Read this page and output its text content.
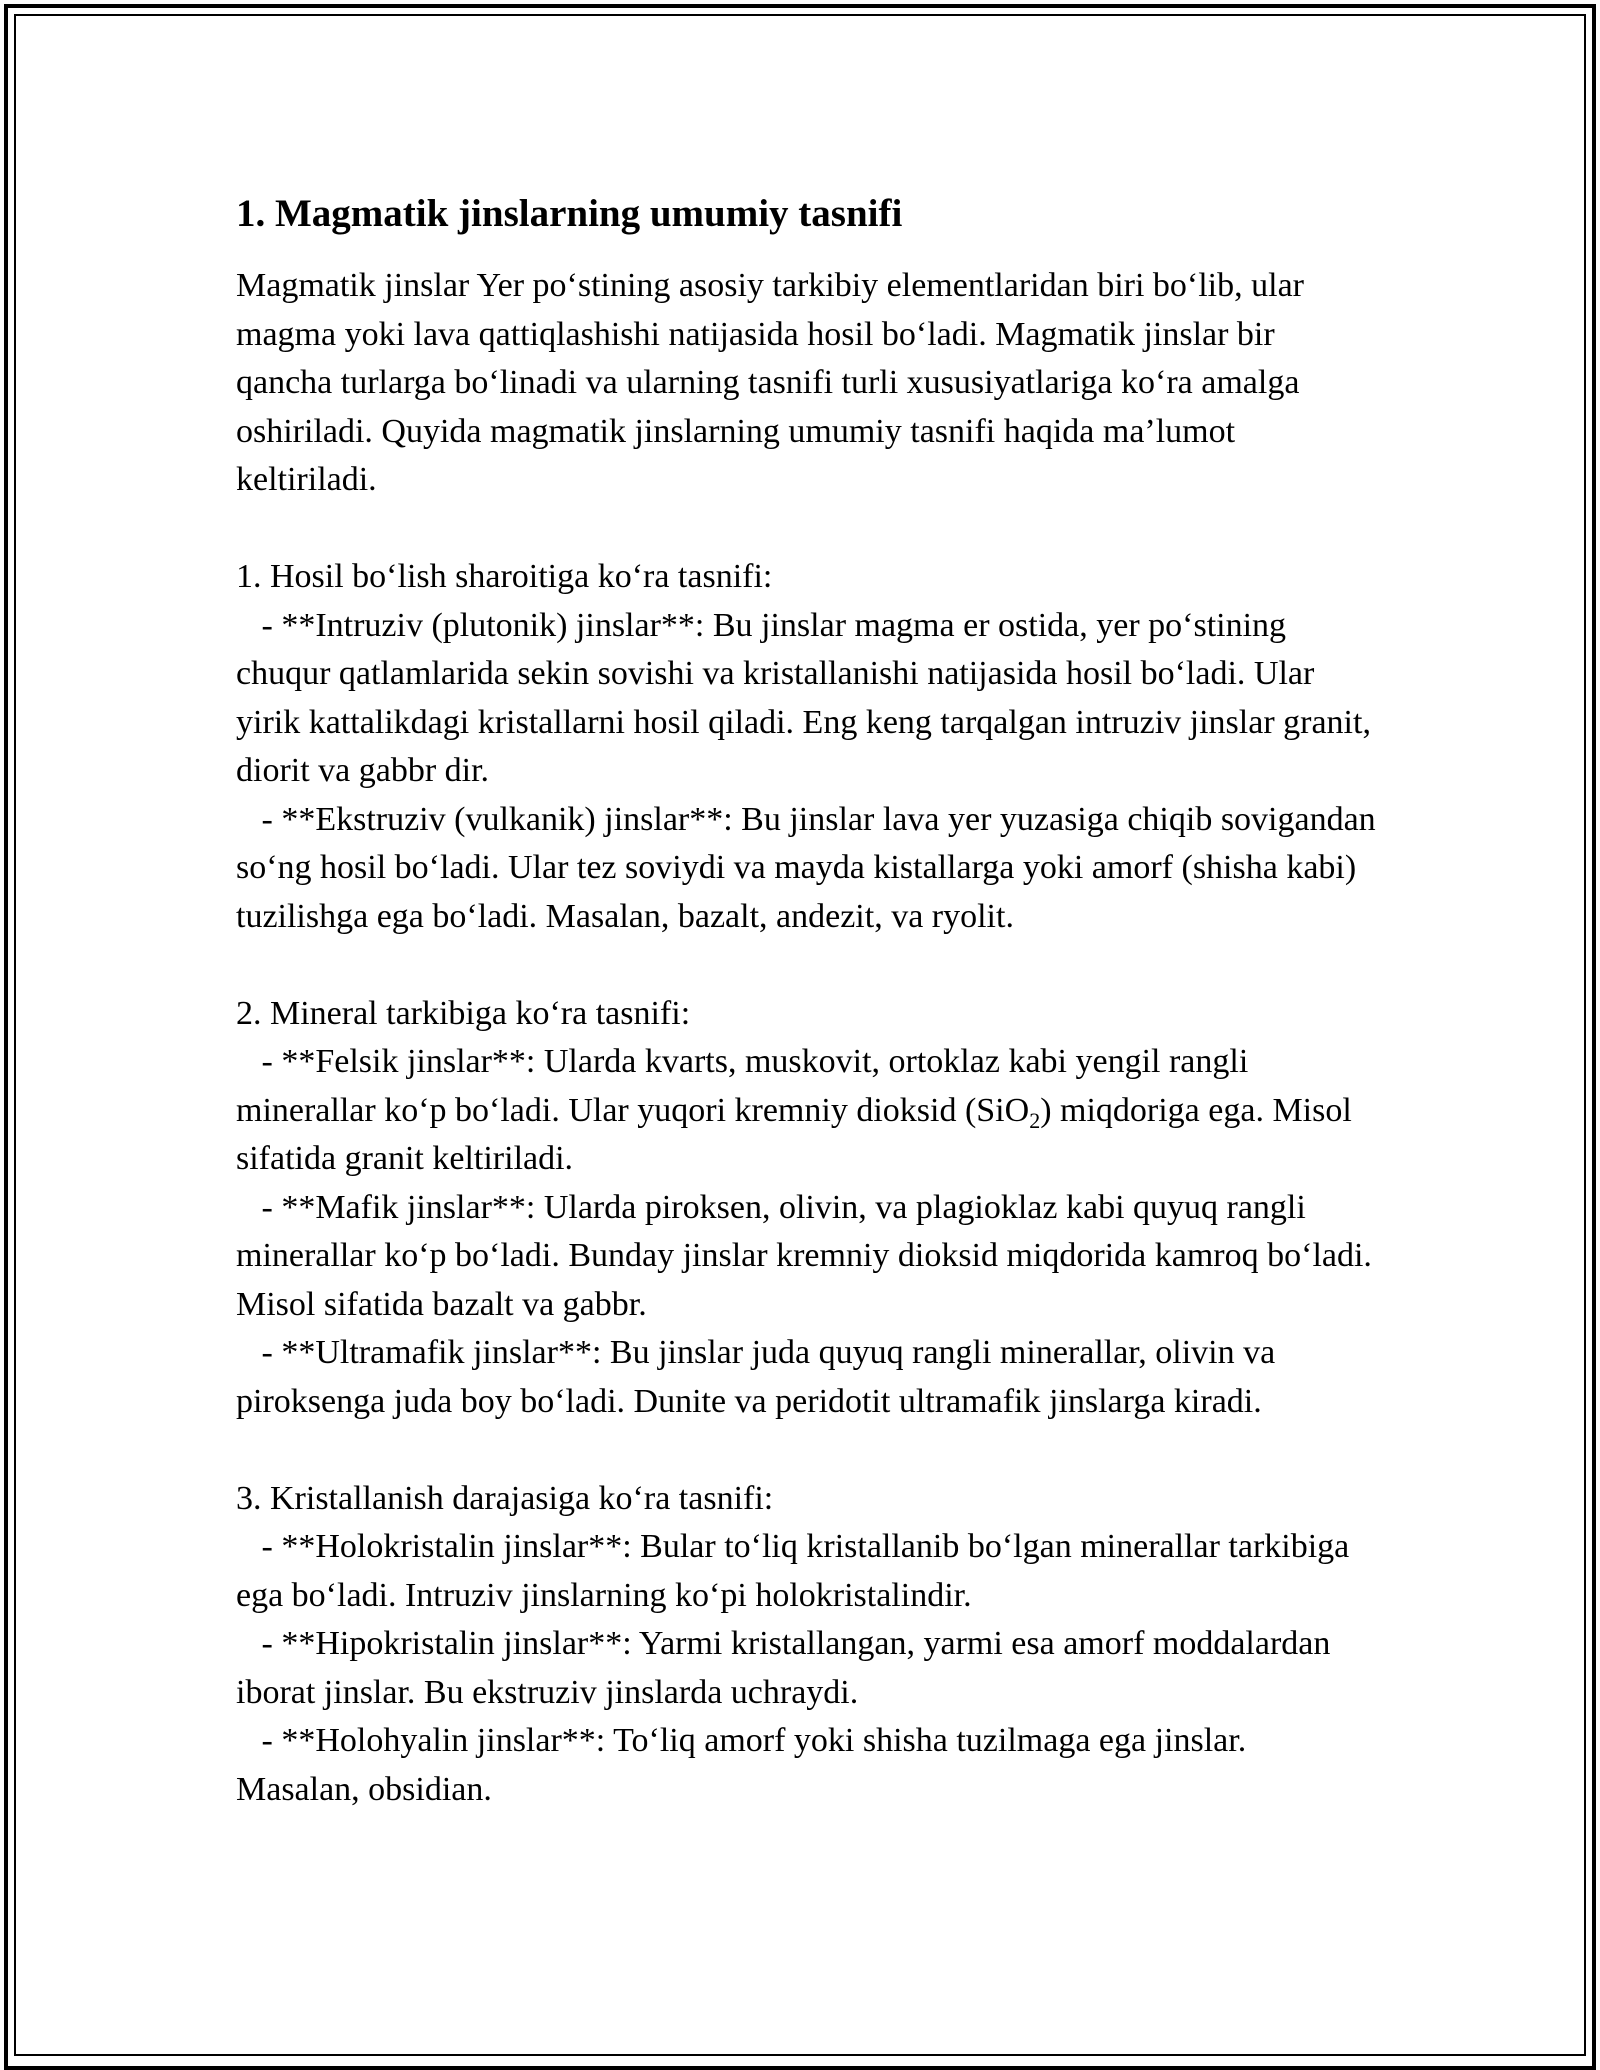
1. Magmatik jinslarning umumiy tasnifi

Magmatik jinslar Yer po‘stining asosiy tarkibiy elementlaridan biri bo‘lib, ular magma yoki lava qattiqlashishi natijasida hosil bo‘ladi. Magmatik jinslar bir qancha turlarga bo‘linadi va ularning tasnifi turli xususiyatlariga ko‘ra amalga oshiriladi. Quyida magmatik jinslarning umumiy tasnifi haqida ma’lumot keltiriladi.

1. Hosil bo‘lish sharoitiga ko‘ra tasnifi:

- **Intruziv (plutonik) jinslar**: Bu jinslar magma er ostida, yer po‘stining chuqur qatlamlarida sekin sovishi va kristallanishi natijasida hosil bo‘ladi. Ular yirik kattalikdagi kristallarni hosil qiladi. Eng keng tarqalgan intruziv jinslar granit, diorit va gabbr dir.

- **Ekstruziv (vulkanik) jinslar**: Bu jinslar lava yer yuzasiga chiqib sovigandan so‘ng hosil bo‘ladi. Ular tez soviydi va mayda kistallarga yoki amorf (shisha kabi) tuzilishga ega bo‘ladi. Masalan, bazalt, andezit, va ryolit.

2. Mineral tarkibiga ko‘ra tasnifi:

- **Felsik jinslar**: Ularda kvarts, muskovit, ortoklaz kabi yengil rangli minerallar ko‘p bo‘ladi. Ular yuqori kremniy dioksid (SiO$_2$) miqdoriga ega. Misol sifatida granit keltiriladi.

- **Mafik jinslar**: Ularda piroksen, olivin, va plagioklaz kabi quyuq rangli minerallar ko‘p bo‘ladi. Bunday jinslar kremniy dioksid miqdorida kamroq bo‘ladi. Misol sifatida bazalt va gabbr.

- **Ultramafik jinslar**: Bu jinslar juda quyuq rangli minerallar, olivin va piroksenga juda boy bo‘ladi. Dunite va peridotit ultramafik jinslarga kiradi.

3. Kristallanish darajasiga ko‘ra tasnifi:

- **Holokristalin jinslar**: Bular to‘liq kristallanib bo‘lgan minerallar tarkibiga ega bo‘ladi. Intruziv jinslarning ko‘pi holokristalindir.

- **Hipokristalin jinslar**: Yarmi kristallangan, yarmi esa amorf moddalardan iborat jinslar. Bu ekstruziv jinslarda uchraydi.

- **Holohyalin jinslar**: To‘liq amorf yoki shisha tuzilmaga ega jinslar. Masalan, obsidian.
